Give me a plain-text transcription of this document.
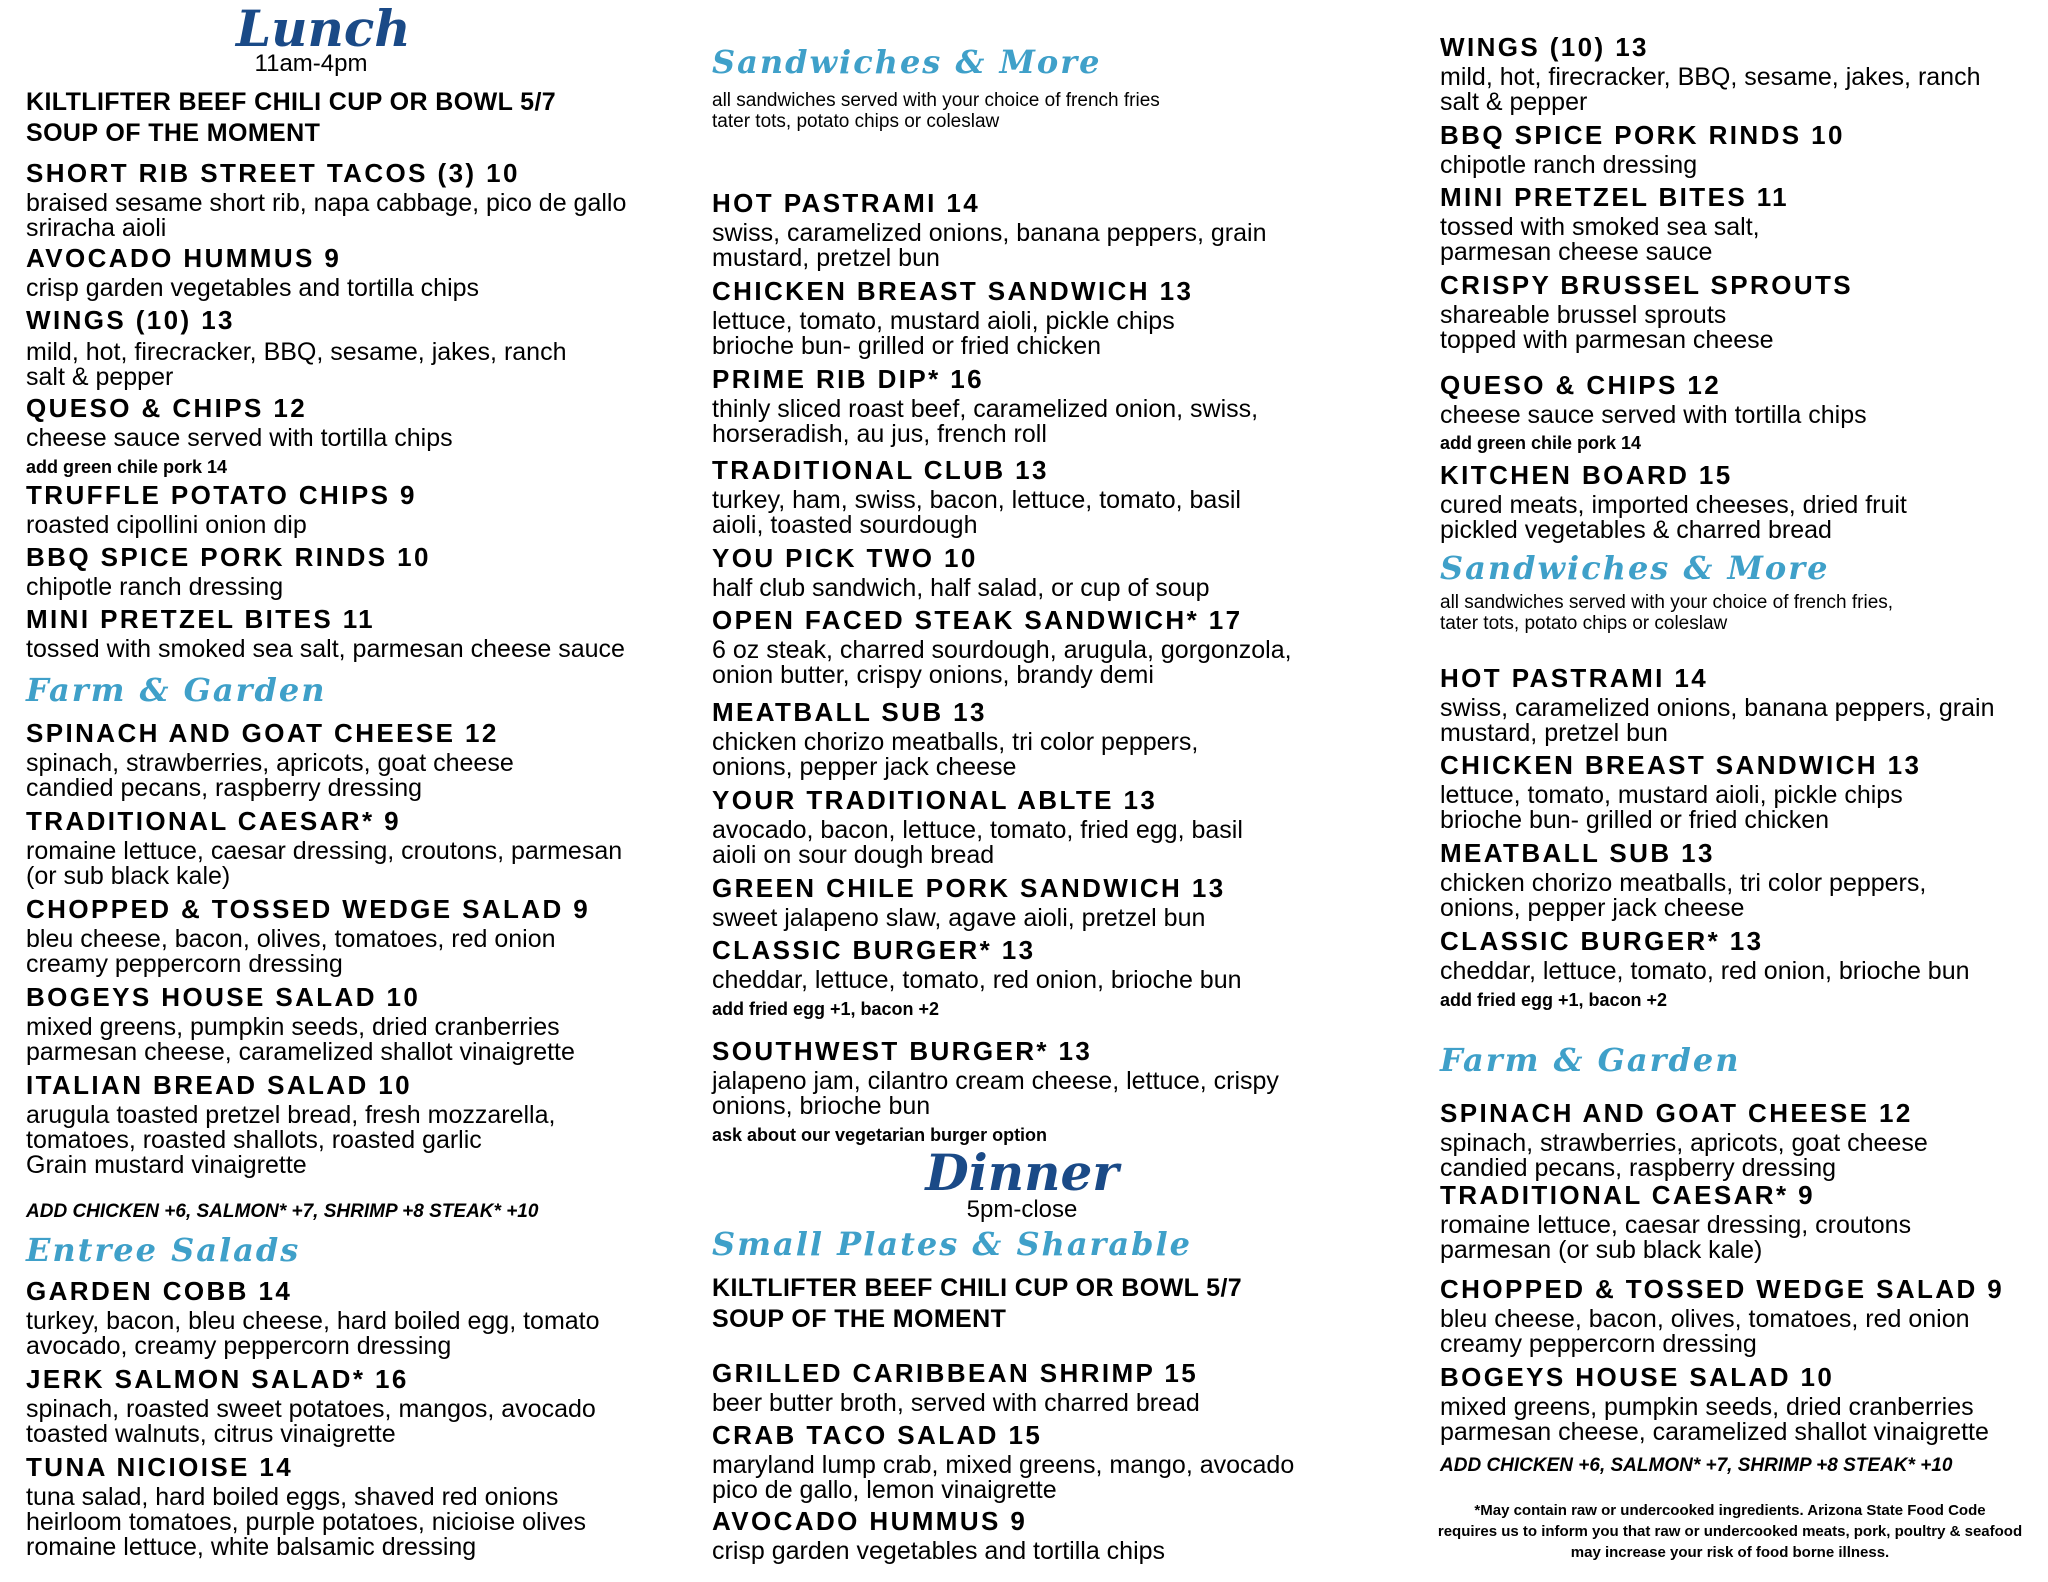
Lunch
11am-4pm
KILTLIFTER BEEF CHILI CUP OR BOWL 5/7
SOUP OF THE MOMENT
SHORT RIB STREET TACOS (3) 10
braised sesame short rib, napa cabbage, pico de gallo
sriracha aioli
AVOCADO HUMMUS 9
crisp garden vegetables and tortilla chips
WINGS (10) 13
mild, hot, firecracker, BBQ, sesame, jakes, ranch
salt & pepper
QUESO & CHIPS 12
cheese sauce served with tortilla chips
add green chile pork 14
TRUFFLE POTATO CHIPS 9
roasted cipollini onion dip
BBQ SPICE PORK RINDS 10
chipotle ranch dressing
MINI PRETZEL BITES 11
tossed with smoked sea salt, parmesan cheese sauce
Farm & Garden
SPINACH AND GOAT CHEESE 12
spinach, strawberries, apricots, goat cheese
candied pecans, raspberry dressing
TRADITIONAL CAESAR* 9
romaine lettuce, caesar dressing, croutons, parmesan
(or sub black kale)
CHOPPED & TOSSED WEDGE SALAD 9
bleu cheese, bacon, olives, tomatoes, red onion
creamy peppercorn dressing
BOGEYS HOUSE SALAD 10
mixed greens, pumpkin seeds, dried cranberries
parmesan cheese, caramelized shallot vinaigrette
ITALIAN BREAD SALAD 10
arugula toasted pretzel bread, fresh mozzarella,
tomatoes, roasted shallots, roasted garlic
Grain mustard vinaigrette
ADD CHICKEN +6, SALMON* +7, SHRIMP +8 STEAK* +10
Entree Salads
GARDEN COBB 14
turkey, bacon, bleu cheese, hard boiled egg, tomato
avocado, creamy peppercorn dressing
JERK SALMON SALAD* 16
spinach, roasted sweet potatoes, mangos, avocado
toasted walnuts, citrus vinaigrette
TUNA NICIOISE 14
tuna salad, hard boiled eggs, shaved red onions
heirloom tomatoes, purple potatoes, nicioise olives
romaine lettuce, white balsamic dressing
Sandwiches & More
all sandwiches served with your choice of french fries
tater tots, potato chips or coleslaw
HOT PASTRAMI 14
swiss, caramelized onions, banana peppers, grain
mustard, pretzel bun
CHICKEN BREAST SANDWICH 13
lettuce, tomato, mustard aioli, pickle chips
brioche bun- grilled or fried chicken
PRIME RIB DIP* 16
thinly sliced roast beef, caramelized onion, swiss,
horseradish, au jus, french roll
TRADITIONAL CLUB 13
turkey, ham, swiss, bacon, lettuce, tomato, basil
aioli, toasted sourdough
YOU PICK TWO 10
half club sandwich, half salad, or cup of soup
OPEN FACED STEAK SANDWICH* 17
6 oz steak, charred sourdough, arugula, gorgonzola,
onion butter, crispy onions, brandy demi
MEATBALL SUB 13
chicken chorizo meatballs, tri color peppers,
onions, pepper jack cheese
YOUR TRADITIONAL ABLTE 13
avocado, bacon, lettuce, tomato, fried egg, basil
aioli on sour dough bread
GREEN CHILE PORK SANDWICH 13
sweet jalapeno slaw, agave aioli, pretzel bun
CLASSIC BURGER* 13
cheddar, lettuce, tomato, red onion, brioche bun
add fried egg +1, bacon +2
SOUTHWEST BURGER* 13
jalapeno jam, cilantro cream cheese, lettuce, crispy
onions, brioche bun
ask about our vegetarian burger option
Dinner
5pm-close
Small Plates & Sharable
KILTLIFTER BEEF CHILI CUP OR BOWL 5/7
SOUP OF THE MOMENT
GRILLED CARIBBEAN SHRIMP 15
beer butter broth, served with charred bread
CRAB TACO SALAD 15
maryland lump crab, mixed greens, mango, avocado
pico de gallo, lemon vinaigrette
AVOCADO HUMMUS 9
crisp garden vegetables and tortilla chips
WINGS (10) 13
mild, hot, firecracker, BBQ, sesame, jakes, ranch
salt & pepper
BBQ SPICE PORK RINDS 10
chipotle ranch dressing
MINI PRETZEL BITES 11
tossed with smoked sea salt,
parmesan cheese sauce
CRISPY BRUSSEL SPROUTS
shareable brussel sprouts
topped with parmesan cheese
QUESO & CHIPS 12
cheese sauce served with tortilla chips
add green chile pork 14
KITCHEN BOARD 15
cured meats, imported cheeses, dried fruit
pickled vegetables & charred bread
Sandwiches & More
all sandwiches served with your choice of french fries,
tater tots, potato chips or coleslaw
HOT PASTRAMI 14
swiss, caramelized onions, banana peppers, grain
mustard, pretzel bun
CHICKEN BREAST SANDWICH 13
lettuce, tomato, mustard aioli, pickle chips
brioche bun- grilled or fried chicken
MEATBALL SUB 13
chicken chorizo meatballs, tri color peppers,
onions, pepper jack cheese
CLASSIC BURGER* 13
cheddar, lettuce, tomato, red onion, brioche bun
add fried egg +1, bacon +2
Farm & Garden
SPINACH AND GOAT CHEESE 12
spinach, strawberries, apricots, goat cheese
candied pecans, raspberry dressing
TRADITIONAL CAESAR* 9
romaine lettuce, caesar dressing, croutons
parmesan (or sub black kale)
CHOPPED & TOSSED WEDGE SALAD 9
bleu cheese, bacon, olives, tomatoes, red onion
creamy peppercorn dressing
BOGEYS HOUSE SALAD 10
mixed greens, pumpkin seeds, dried cranberries
parmesan cheese, caramelized shallot vinaigrette
ADD CHICKEN +6, SALMON* +7, SHRIMP +8 STEAK* +10
*May contain raw or undercooked ingredients. Arizona State Food Code
requires us to inform you that raw or undercooked meats, pork, poultry & seafood
may increase your risk of food borne illness.
